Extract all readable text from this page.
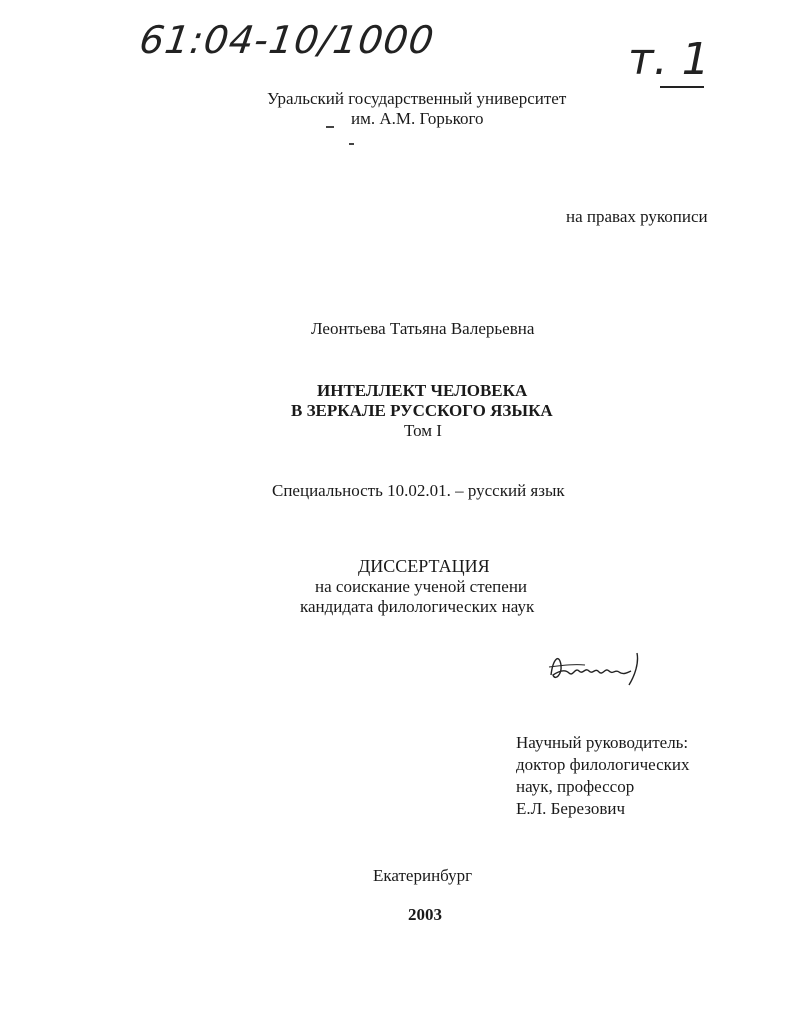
61:04-10/1000	т. 1
Уральский государственный университет
им. А.М. Горького
на правах рукописи
Леонтьева Татьяна Валерьевна
ИНТЕЛЛЕКТ ЧЕЛОВЕКА
В ЗЕРКАЛЕ РУССКОГО ЯЗЫКА
Том I
Специальность 10.02.01. – русский язык
ДИССЕРТАЦИЯ
на соискание ученой степени
кандидата филологических наук
Научный руководитель:
доктор филологических
наук, профессор
Е.Л. Березович
Екатеринбург
2003
